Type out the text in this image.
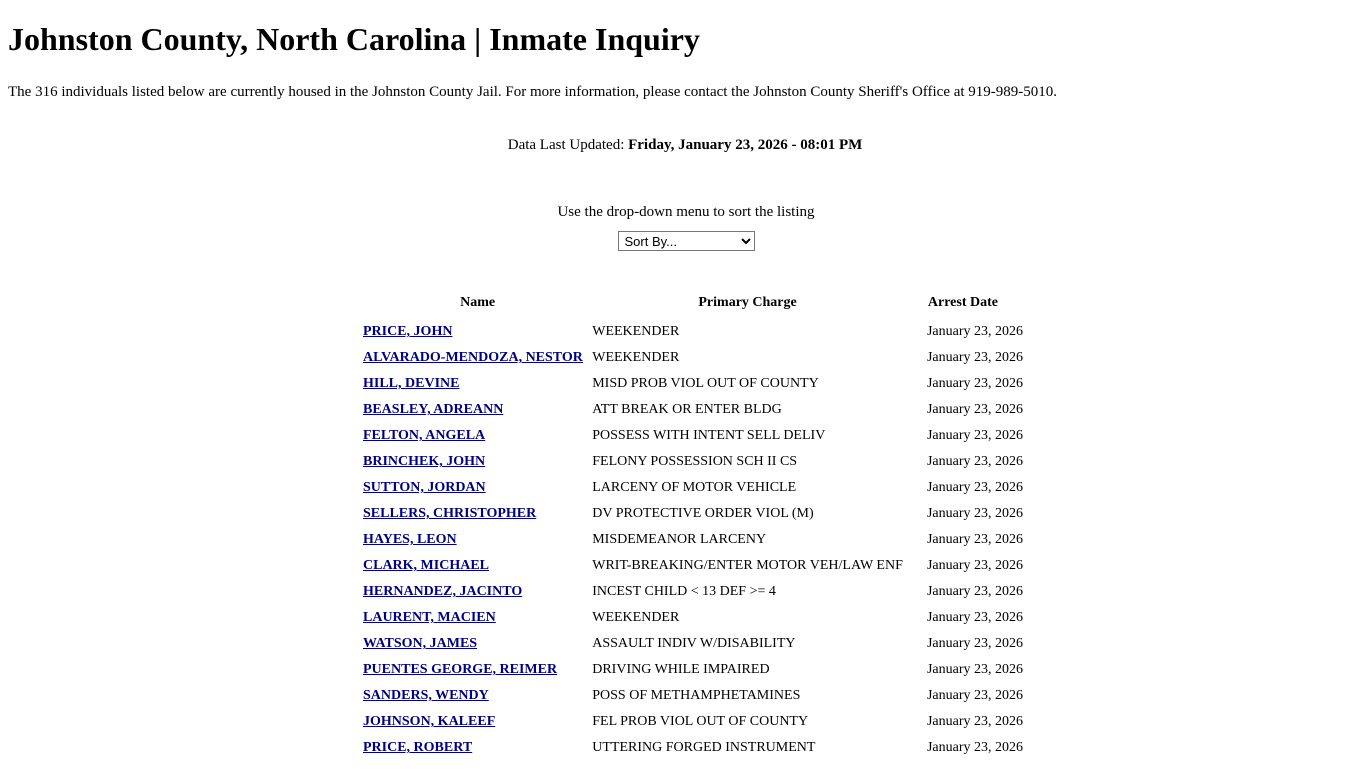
Johnston County, North Carolina | Inmate Inquiry

The 316 individuals listed below are currently housed in the Johnston County Jail. For more information, please contact the Johnston County Sheriff's Office at 919-989-5010.

Data Last Updated: Friday, January 23, 2026 - 08:01 PM

Use the drop-down menu to sort the listing

Sort By...
Name	Primary Charge	Arrest Date
PRICE, JOHN	WEEKENDER	January 23, 2026
ALVARADO-MENDOZA, NESTOR	WEEKENDER	January 23, 2026
HILL, DEVINE	MISD PROB VIOL OUT OF COUNTY	January 23, 2026
BEASLEY, ADREANN	ATT BREAK OR ENTER BLDG	January 23, 2026
FELTON, ANGELA	POSSESS WITH INTENT SELL DELIV	January 23, 2026
BRINCHEK, JOHN	FELONY POSSESSION SCH II CS	January 23, 2026
SUTTON, JORDAN	LARCENY OF MOTOR VEHICLE	January 23, 2026
SELLERS, CHRISTOPHER	DV PROTECTIVE ORDER VIOL (M)	January 23, 2026
HAYES, LEON	MISDEMEANOR LARCENY	January 23, 2026
CLARK, MICHAEL	WRIT-BREAKING/ENTER MOTOR VEH/LAW ENF	January 23, 2026
HERNANDEZ, JACINTO	INCEST CHILD < 13 DEF >= 4	January 23, 2026
LAURENT, MACIEN	WEEKENDER	January 23, 2026
WATSON, JAMES	ASSAULT INDIV W/DISABILITY	January 23, 2026
PUENTES GEORGE, REIMER	DRIVING WHILE IMPAIRED	January 23, 2026
SANDERS, WENDY	POSS OF METHAMPHETAMINES	January 23, 2026
JOHNSON, KALEEF	FEL PROB VIOL OUT OF COUNTY	January 23, 2026
PRICE, ROBERT	UTTERING FORGED INSTRUMENT	January 23, 2026
